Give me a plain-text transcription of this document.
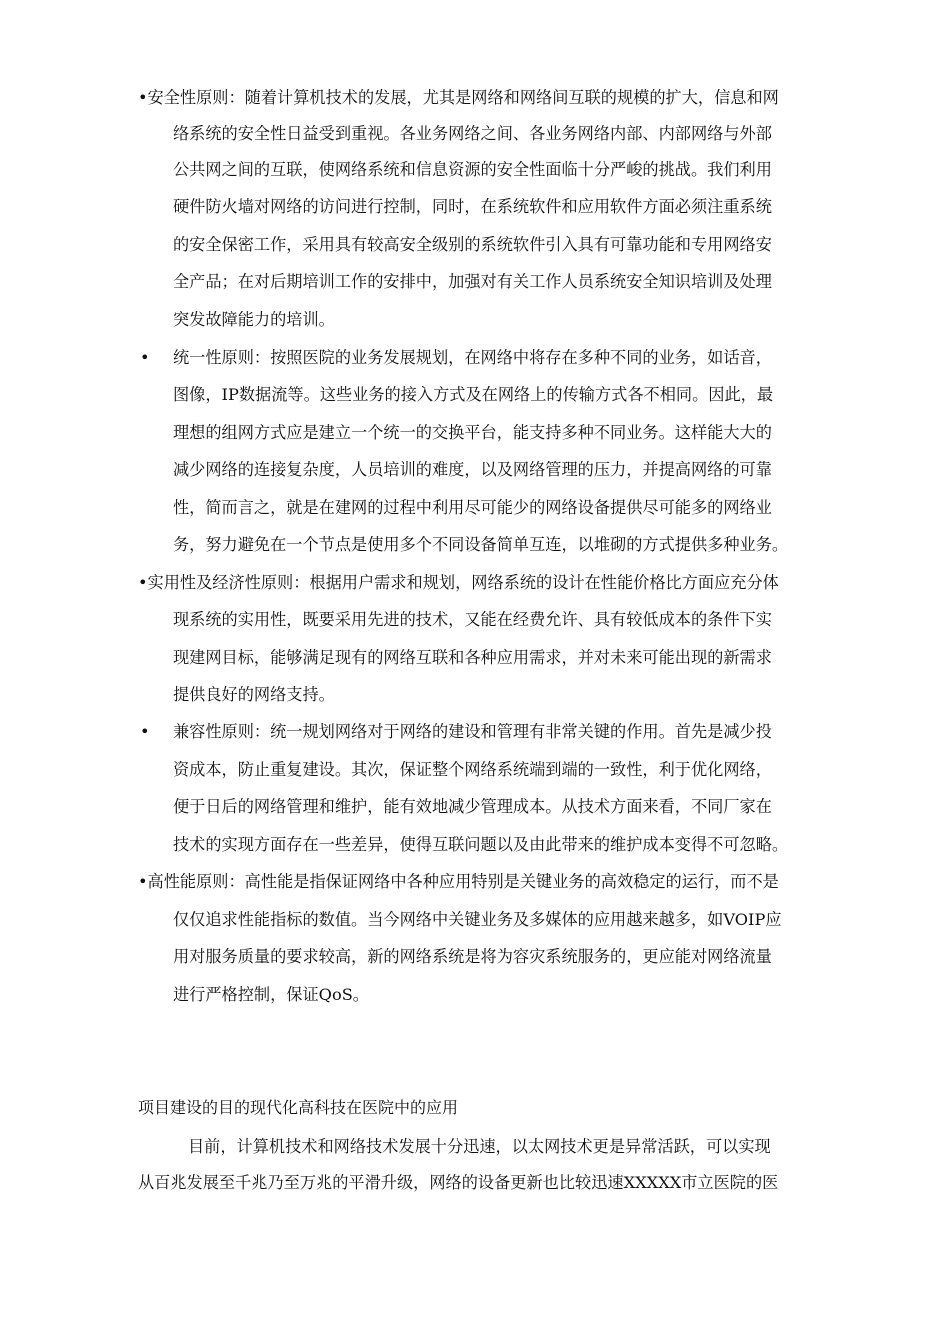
•安全性原则：随着计算机技术的发展，尤其是网络和网络间互联的规模的扩大，信息和网
络系统的安全性日益受到重视。各业务网络之间、各业务网络内部、内部网络与外部
公共网之间的互联，使网络系统和信息资源的安全性面临十分严峻的挑战。我们利用
硬件防火墙对网络的访问进行控制，同时，在系统软件和应用软件方面必须注重系统
的安全保密工作，采用具有较高安全级别的系统软件引入具有可靠功能和专用网络安
全产品；在对后期培训工作的安排中，加强对有关工作人员系统安全知识培训及处理
突发故障能力的培训。
• 统一性原则：按照医院的业务发展规划，在网络中将存在多种不同的业务，如话音，
图像，IP数据流等。这些业务的接入方式及在网络上的传输方式各不相同。因此，最
理想的组网方式应是建立一个统一的交换平台，能支持多种不同业务。这样能大大的
减少网络的连接复杂度，人员培训的难度，以及网络管理的压力，并提高网络的可靠
性，简而言之，就是在建网的过程中利用尽可能少的网络设备提供尽可能多的网络业
务，努力避免在一个节点是使用多个不同设备简单互连，以堆砌的方式提供多种业务。
•实用性及经济性原则：根据用户需求和规划，网络系统的设计在性能价格比方面应充分体
现系统的实用性，既要采用先进的技术，又能在经费允许、具有较低成本的条件下实
现建网目标，能够满足现有的网络互联和各种应用需求，并对未来可能出现的新需求
提供良好的网络支持。
• 兼容性原则：统一规划网络对于网络的建设和管理有非常关键的作用。首先是减少投
资成本，防止重复建设。其次，保证整个网络系统端到端的一致性，利于优化网络，
便于日后的网络管理和维护，能有效地减少管理成本。从技术方面来看，不同厂家在
技术的实现方面存在一些差异，使得互联问题以及由此带来的维护成本变得不可忽略。
•高性能原则：高性能是指保证网络中各种应用特别是关键业务的高效稳定的运行，而不是
仅仅追求性能指标的数值。当今网络中关键业务及多媒体的应用越来越多，如VOIP应
用对服务质量的要求较高，新的网络系统是将为容灾系统服务的，更应能对网络流量
进行严格控制，保证QoS。
项目建设的目的现代化高科技在医院中的应用
目前，计算机技术和网络技术发展十分迅速，以太网技术更是异常活跃，可以实现
从百兆发展至千兆乃至万兆的平滑升级，网络的设备更新也比较迅速XXXXX市立医院的医
